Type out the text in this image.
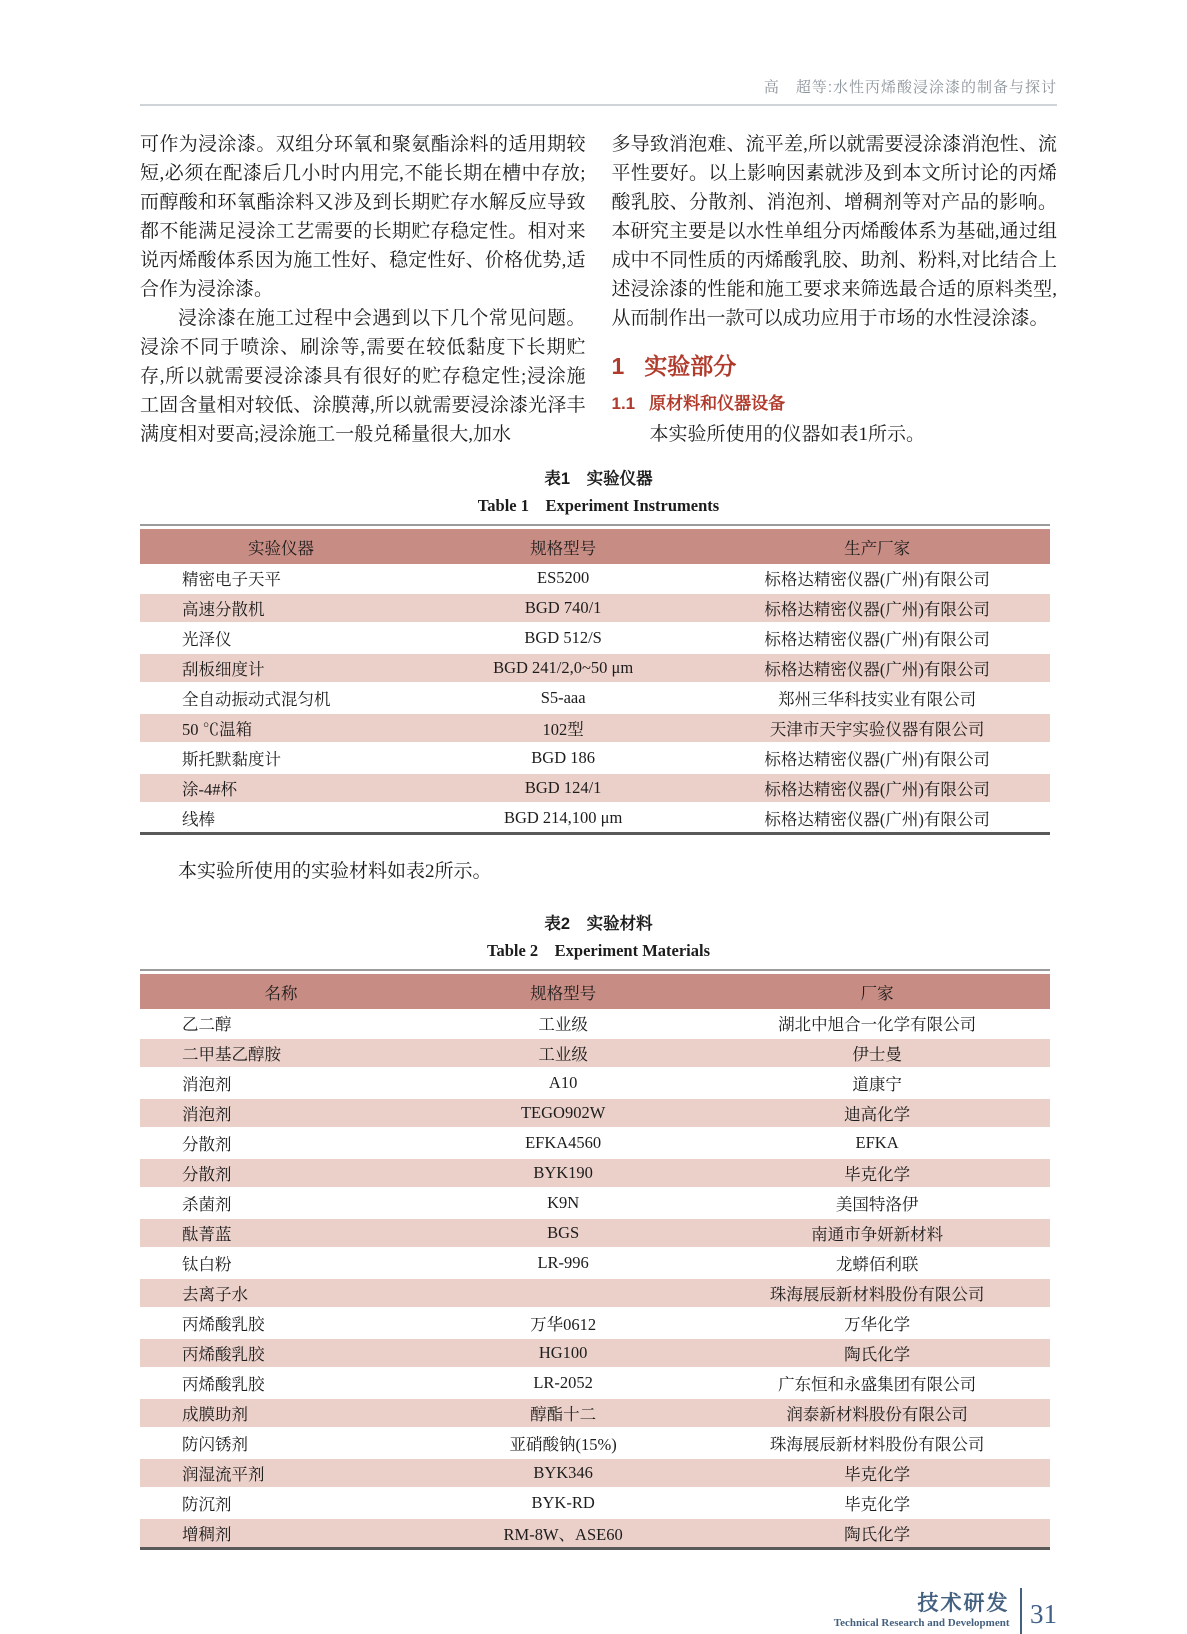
高　超等:水性丙烯酸浸涂漆的制备与探讨

可作为浸涂漆。双组分环氧和聚氨酯涂料的适用期较短,必须在配漆后几小时内用完,不能长期在槽中存放;而醇酸和环氧酯涂料又涉及到长期贮存水解反应导致都不能满足浸涂工艺需要的长期贮存稳定性。相对来说丙烯酸体系因为施工性好、稳定性好、价格优势,适合作为浸涂漆。

浸涂漆在施工过程中会遇到以下几个常见问题。浸涂不同于喷涂、刷涂等,需要在较低黏度下长期贮存,所以就需要浸涂漆具有很好的贮存稳定性;浸涂施工固含量相对较低、涂膜薄,所以就需要浸涂漆光泽丰满度相对要高;浸涂施工一般兑稀量很大,加水

多导致消泡难、流平差,所以就需要浸涂漆消泡性、流平性要好。以上影响因素就涉及到本文所讨论的丙烯酸乳胶、分散剂、消泡剂、增稠剂等对产品的影响。本研究主要是以水性单组分丙烯酸体系为基础,通过组成中不同性质的丙烯酸乳胶、助剂、粉料,对比结合上述浸涂漆的性能和施工要求来筛选最合适的原料类型,从而制作出一款可以成功应用于市场的水性浸涂漆。

1 实验部分
1.1 原材料和仪器设备

本实验所使用的仪器如表1所示。

表1　实验仪器
Table 1　Experiment Instruments
实验仪器	规格型号	生产厂家
精密电子天平	ES5200	标格达精密仪器(广州)有限公司
高速分散机	BGD 740/1	标格达精密仪器(广州)有限公司
光泽仪	BGD 512/S	标格达精密仪器(广州)有限公司
刮板细度计	BGD 241/2,0~50 μm	标格达精密仪器(广州)有限公司
全自动振动式混匀机	S5-aaa	郑州三华科技实业有限公司
50 ℃温箱	102型	天津市天宇实验仪器有限公司
斯托默黏度计	BGD 186	标格达精密仪器(广州)有限公司
涂-4#杯	BGD 124/1	标格达精密仪器(广州)有限公司
线棒	BGD 214,100 μm	标格达精密仪器(广州)有限公司

本实验所使用的实验材料如表2所示。

表2　实验材料
Table 2　Experiment Materials
名称	规格型号	厂家
乙二醇	工业级	湖北中旭合一化学有限公司
二甲基乙醇胺	工业级	伊士曼
消泡剂	A10	道康宁
消泡剂	TEGO902W	迪高化学
分散剂	EFKA4560	EFKA
分散剂	BYK190	毕克化学
杀菌剂	K9N	美国特洛伊
酞菁蓝	BGS	南通市争妍新材料
钛白粉	LR-996	龙蟒佰利联
去离子水		珠海展辰新材料股份有限公司
丙烯酸乳胶	万华0612	万华化学
丙烯酸乳胶	HG100	陶氏化学
丙烯酸乳胶	LR-2052	广东恒和永盛集团有限公司
成膜助剂	醇酯十二	润泰新材料股份有限公司
防闪锈剂	亚硝酸钠(15%)	珠海展辰新材料股份有限公司
润湿流平剂	BYK346	毕克化学
防沉剂	BYK-RD	毕克化学
增稠剂	RM-8W、ASE60	陶氏化学
技术研发
Technical Research and Development 31
